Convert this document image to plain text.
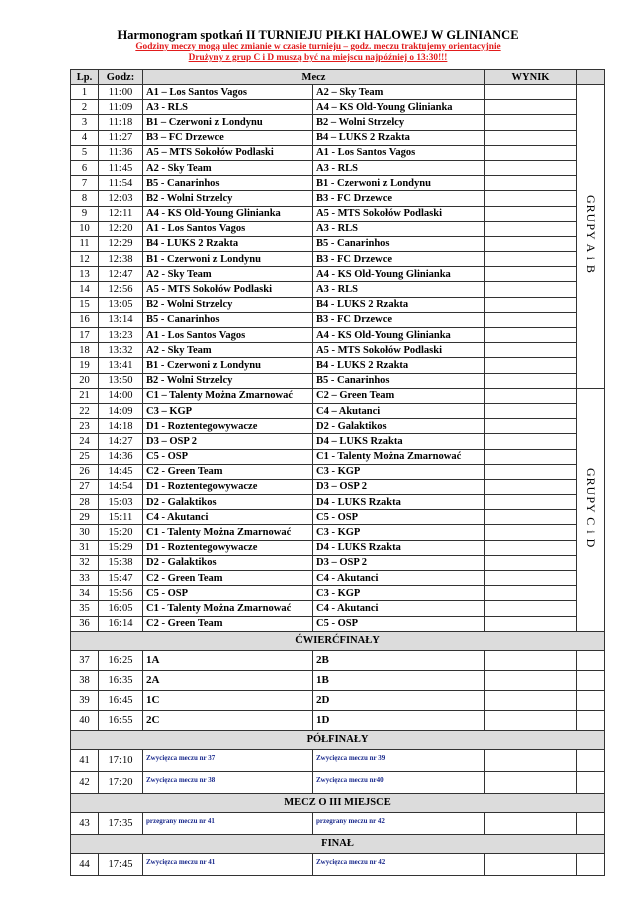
Harmonogram spotkań II TURNIEJU PIŁKI HALOWEJ W GLINIANCE
Godziny meczy mogą ulec zmianie w czasie turnieju – godz. meczu traktujemy orientacyjnie
Drużyny z grup C i D muszą być na miejscu najpóźniej o 13:30!!!
Lp.	Godz:	Mecz		WYNIK	
1	11:00	A1 – Los Santos Vagos	A2 – Sky Team		GRUPY A i B
2	11:09	A3 - RLS	A4 – KS Old-Young Glinianka		
3	11:18	B1 – Czerwoni z Londynu	B2 – Wolni Strzelcy		
4	11:27	B3 – FC Drzewce	B4 – LUKS 2 Rzakta		
5	11:36	A5 – MTS Sokołów Podlaski	A1 - Los Santos Vagos		
6	11:45	A2 - Sky Team	A3 - RLS		
7	11:54	B5 - Canarinhos	B1 - Czerwoni z Londynu		
8	12:03	B2 - Wolni Strzelcy	B3 - FC Drzewce		
9	12:11	A4 - KS Old-Young Glinianka	A5 - MTS Sokołów Podlaski		
10	12:20	A1 - Los Santos Vagos	A3 - RLS		
11	12:29	B4 - LUKS 2 Rzakta	B5 - Canarinhos		
12	12:38	B1 - Czerwoni z Londynu	B3 - FC Drzewce		
13	12:47	A2 - Sky Team	A4 - KS Old-Young Glinianka		
14	12:56	A5 - MTS Sokołów Podlaski	A3 - RLS		
15	13:05	B2 - Wolni Strzelcy	B4 - LUKS 2 Rzakta		
16	13:14	B5 - Canarinhos	B3 - FC Drzewce		
17	13:23	A1 - Los Santos Vagos	A4 - KS Old-Young Glinianka		
18	13:32	A2 - Sky Team	A5 - MTS Sokołów Podlaski		
19	13:41	B1 - Czerwoni z Londynu	B4 - LUKS 2 Rzakta		
20	13:50	B2 - Wolni Strzelcy	B5 - Canarinhos		
21	14:00	C1 – Talenty Można Zmarnować	C2 – Green Team		GRUPY C i D
22	14:09	C3 – KGP	C4 – Akutanci		
23	14:18	D1 - Roztentegowywacze	D2 - Galaktikos		
24	14:27	D3 – OSP 2	D4 – LUKS Rzakta		
25	14:36	C5 - OSP	C1 - Talenty Można Zmarnować		
26	14:45	C2 - Green Team	C3 - KGP		
27	14:54	D1 - Roztentegowywacze	D3 – OSP 2		
28	15:03	D2 - Galaktikos	D4 - LUKS Rzakta		
29	15:11	C4 - Akutanci	C5 - OSP		
30	15:20	C1 - Talenty Można Zmarnować	C3 - KGP		
31	15:29	D1 - Roztentegowywacze	D4 - LUKS Rzakta		
32	15:38	D2 - Galaktikos	D3 – OSP 2		
33	15:47	C2 - Green Team	C4 - Akutanci		
34	15:56	C5 - OSP	C3 - KGP		
35	16:05	C1 - Talenty Można Zmarnować	C4 - Akutanci		
36	16:14	C2 - Green Team	C5 - OSP		
ĆWIERĆFINAŁY					
37	16:25	1A	2B		
38	16:35	2A	1B		
39	16:45	1C	2D		
40	16:55	2C	1D		
PÓŁFINAŁY					
41	17:10	Zwycięzca meczu nr 37	Zwycięzca meczu nr 39		
42	17:20	Zwycięzca meczu nr 38	Zwycięzca meczu nr40		
MECZ O III MIEJSCE					
43	17:35	przegrany meczu nr 41	przegrany meczu nr 42		
FINAŁ					
44	17:45	Zwycięzca meczu nr 41	Zwycięzca meczu nr 42		
